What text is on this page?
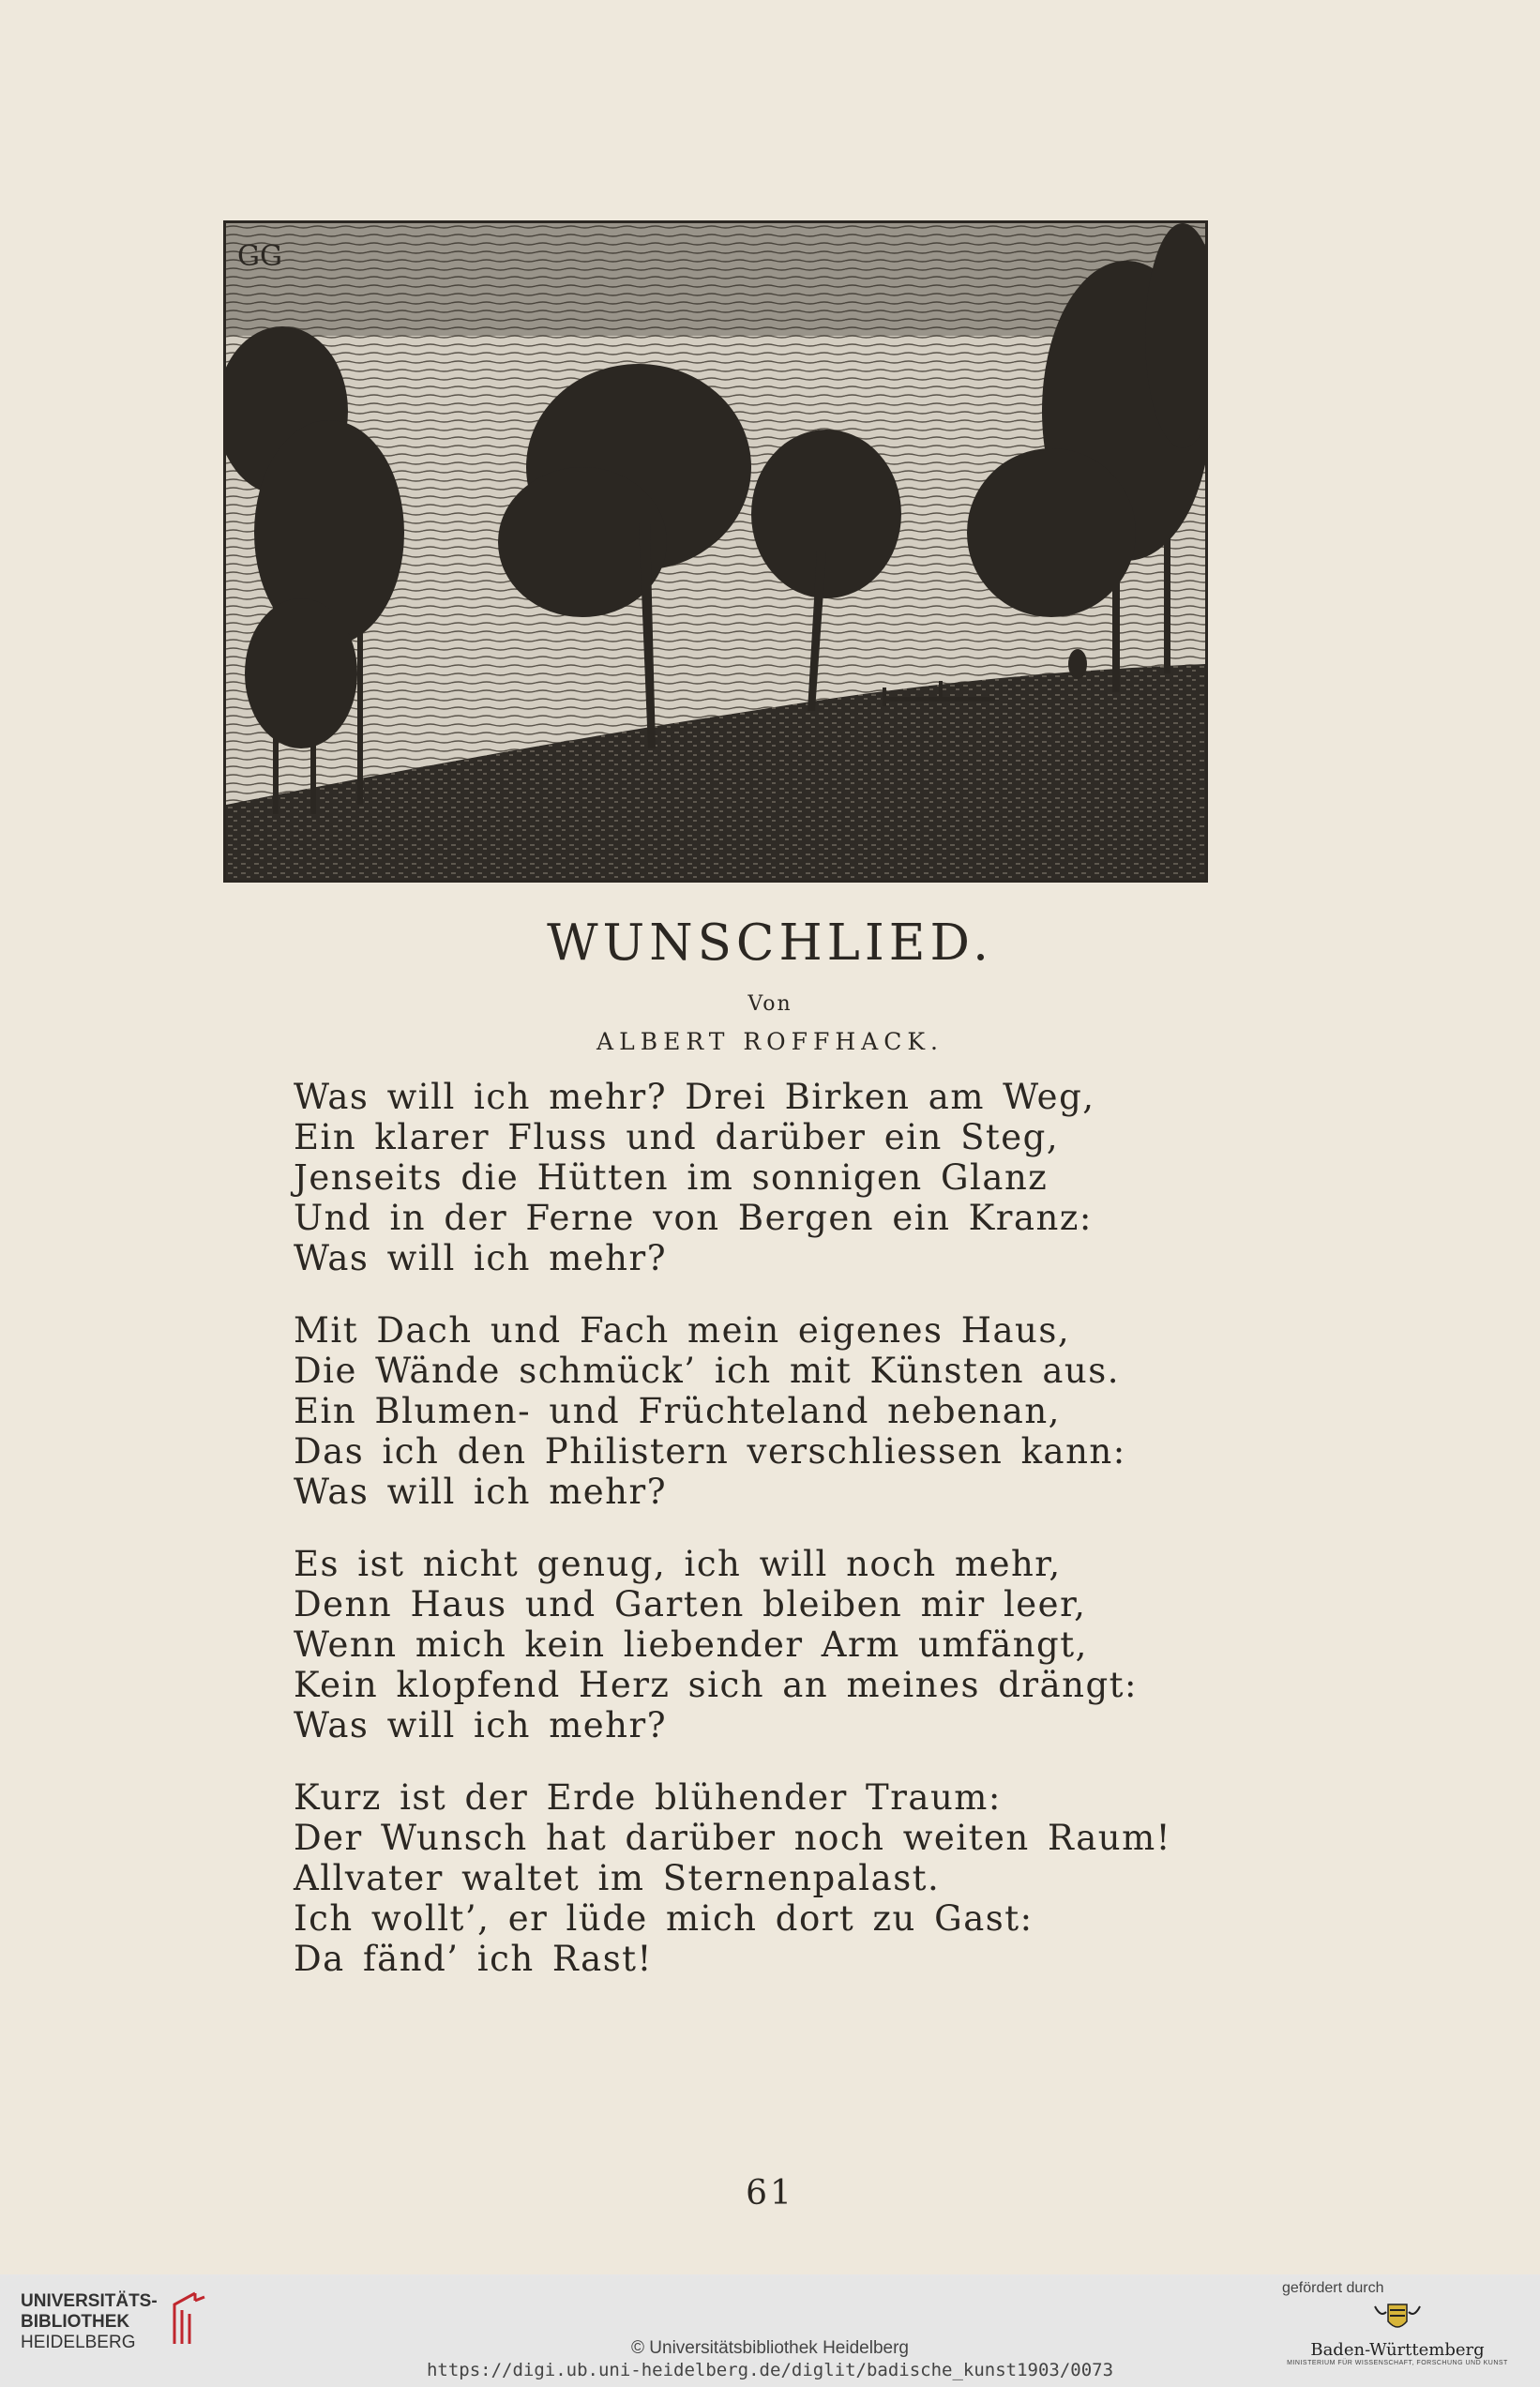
GG
WUNSCHLIED.
Von
ALBERT ROFFHACK.
Was will ich mehr? Drei Birken am Weg,
Ein klarer Fluss und darüber ein Steg,
Jenseits die Hütten im sonnigen Glanz
Und in der Ferne von Bergen ein Kranz:
Was will ich mehr?
Mit Dach und Fach mein eigenes Haus,
Die Wände schmück’ ich mit Künsten aus.
Ein Blumen- und Früchteland nebenan,
Das ich den Philistern verschliessen kann:
Was will ich mehr?
Es ist nicht genug, ich will noch mehr,
Denn Haus und Garten bleiben mir leer,
Wenn mich kein liebender Arm umfängt,
Kein klopfend Herz sich an meines drängt:
Was will ich mehr?
Kurz ist der Erde blühender Traum:
Der Wunsch hat darüber noch weiten Raum!
Allvater waltet im Sternenpalast.
Ich wollt’, er lüde mich dort zu Gast:
Da fänd’ ich Rast!
61
UNIVERSITÄTS-
BIBLIOTHEK
HEIDELBERG
gefördert durch
Baden-Württemberg
MINISTERIUM FÜR WISSENSCHAFT, FORSCHUNG UND KUNST
© Universitätsbibliothek Heidelberg
https://digi.ub.uni-heidelberg.de/diglit/badische_kunst1903/0073
